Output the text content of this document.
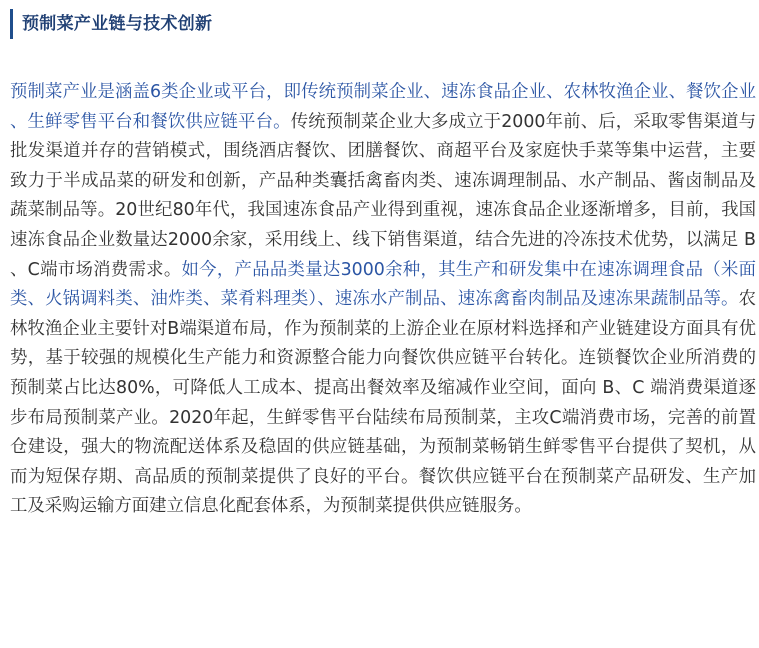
预制菜产业链与技术创新

预制菜产业是涵盖6类企业或平台，即传统预制菜企业、速冻食品企业、农林牧渔企业、餐饮企业、生鲜零售平台和餐饮供应链平台。传统预制菜企业大多成立于2000年前、后，采取零售渠道与批发渠道并存的营销模式，围绕酒店餐饮、团膳餐饮、商超平台及家庭快手菜等集中运营，主要致力于半成品菜的研发和创新，产品种类囊括禽畜肉类、速冻调理制品、水产制品、酱卤制品及蔬菜制品等。20世纪80年代，我国速冻食品产业得到重视，速冻食品企业逐渐增多，目前，我国速冻食品企业数量达2000余家，采用线上、线下销售渠道，结合先进的冷冻技术优势，以满足 B、C端市场消费需求。如今，产品品类量达3000余种，其生产和研发集中在速冻调理食品（米面类、火锅调料类、油炸类、菜肴料理类）、速冻水产制品、速冻禽畜肉制品及速冻果蔬制品等。农林牧渔企业主要针对B端渠道布局，作为预制菜的上游企业在原材料选择和产业链建设方面具有优势，基于较强的规模化生产能力和资源整合能力向餐饮供应链平台转化。连锁餐饮企业所消费的预制菜占比达80%，可降低人工成本、提高出餐效率及缩减作业空间，面向 B、C 端消费渠道逐步布局预制菜产业。2020年起，生鲜零售平台陆续布局预制菜，主攻C端消费市场，完善的前置仓建设，强大的物流配送体系及稳固的供应链基础，为预制菜畅销生鲜零售平台提供了契机，从而为短保存期、高品质的预制菜提供了良好的平台。餐饮供应链平台在预制菜产品研发、生产加工及采购运输方面建立信息化配套体系，为预制菜提供供应链服务。
